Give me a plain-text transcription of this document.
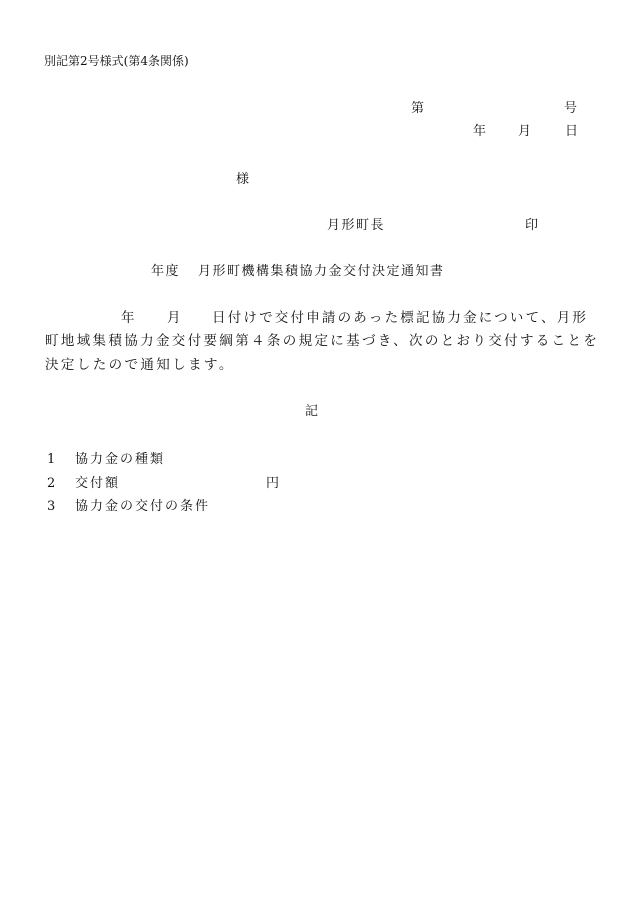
別記第2号様式(第4条関係)
第	号
年 月	日
様
月形町長	印
年度 月形町機構集積協力金交付決定通知書
年 月 日付けで交付申請のあった標記協力金について、月形
町地域集積協力金交付要綱第４条の規定に基づき、次のとおり交付することを
決定したので通知します。
記
1 協力金の種類
2 交付額	円
3 協力金の交付の条件
